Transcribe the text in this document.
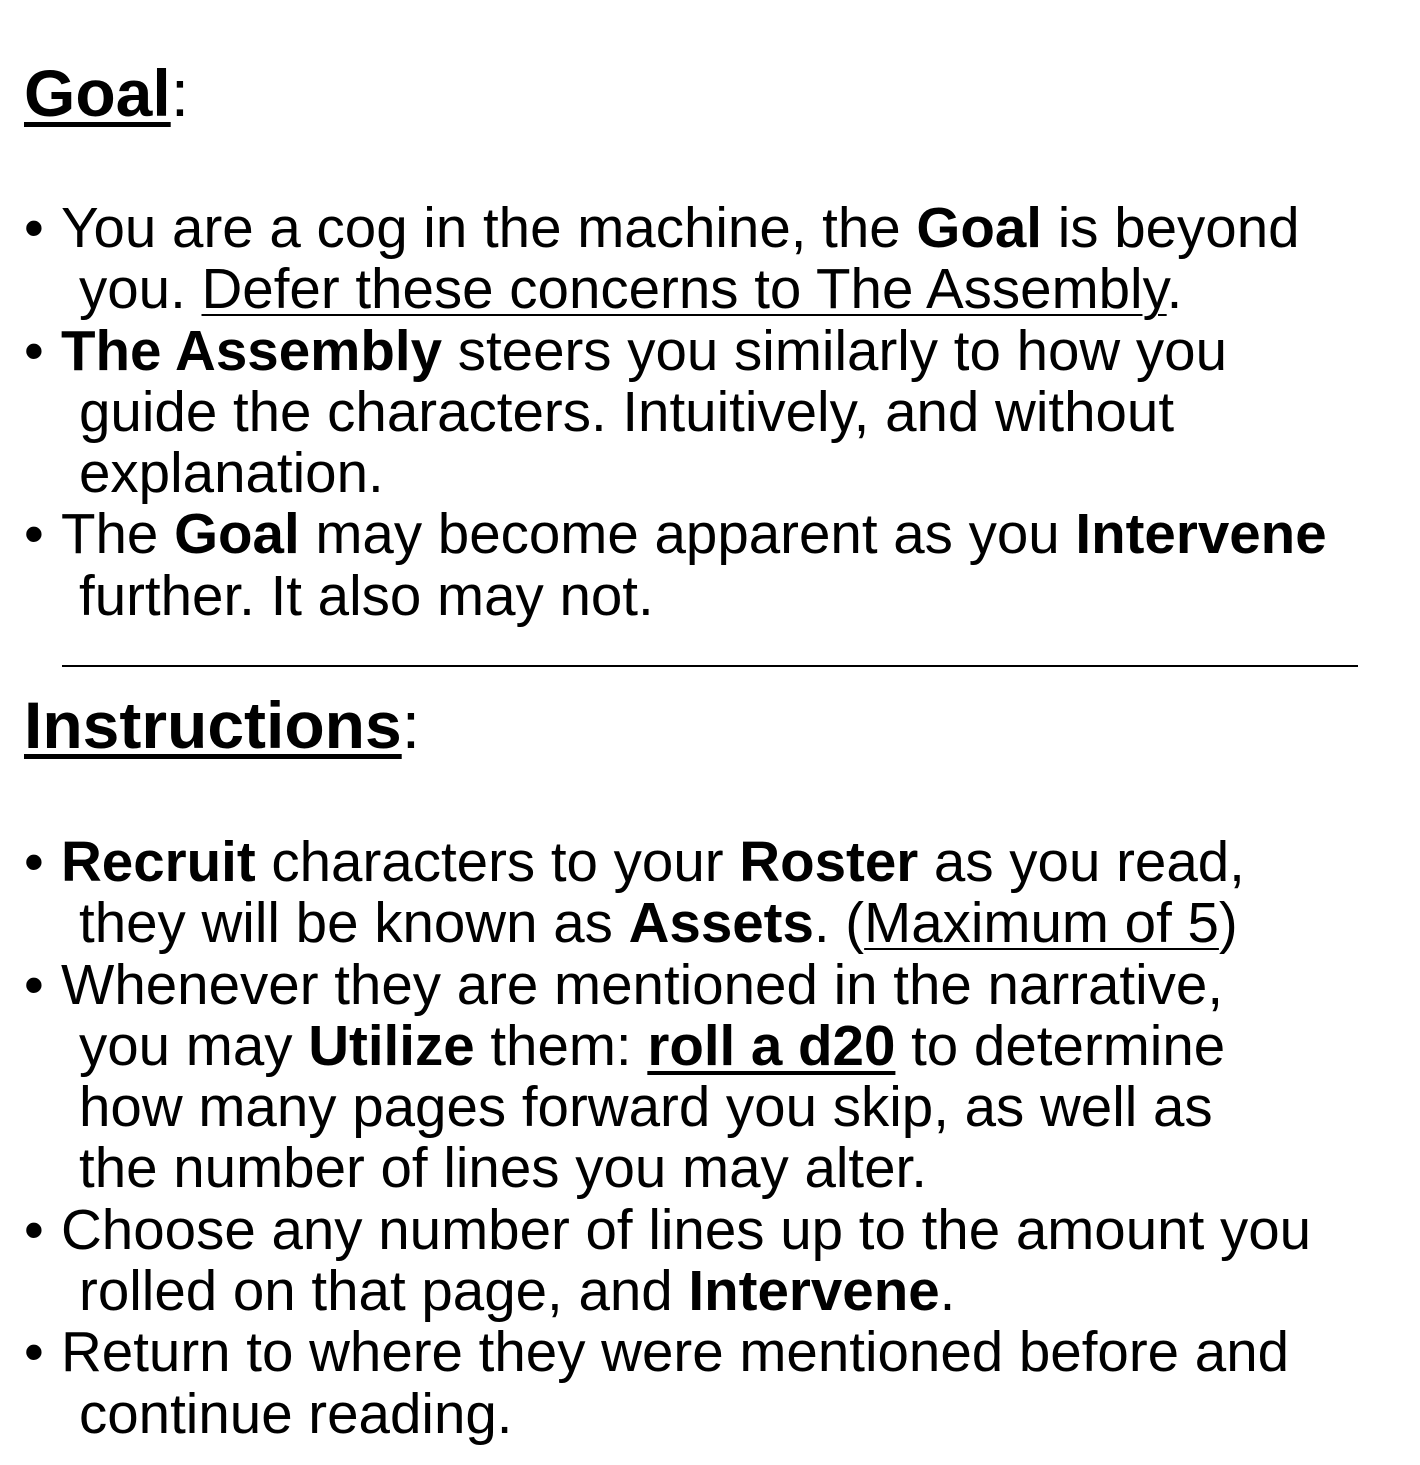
Goal:
• You are a cog in the machine, the Goal is beyond
you. Defer these concerns to The Assembly.
• The Assembly steers you similarly to how you
guide the characters. Intuitively, and without
explanation.
• The Goal may become apparent as you Intervene
further. It also may not.
Instructions:
• Recruit characters to your Roster as you read,
they will be known as Assets. (Maximum of 5)
• Whenever they are mentioned in the narrative,
you may Utilize them: roll a d20 to determine
how many pages forward you skip, as well as
the number of lines you may alter.
• Choose any number of lines up to the amount you
rolled on that page, and Intervene.
• Return to where they were mentioned before and
continue reading.
